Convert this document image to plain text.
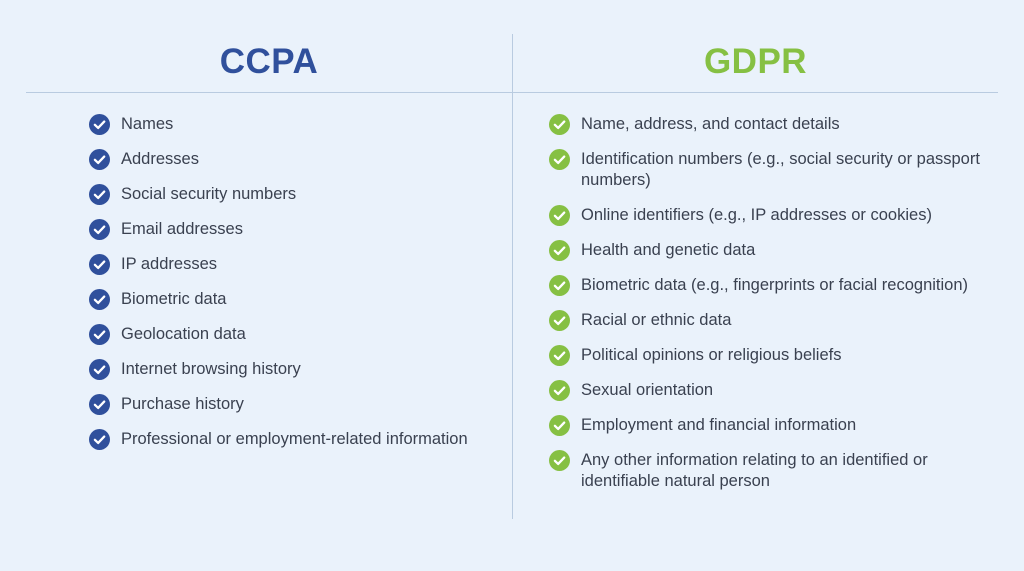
CCPA	GDPR
Names
Addresses
Social security numbers
Email addresses
IP addresses
Biometric data
Geolocation data
Internet browsing history
Purchase history
Professional or employment-related information
Name, address, and contact details
Identification numbers (e.g., social security or passport numbers)
Online identifiers (e.g., IP addresses or cookies)
Health and genetic data
Biometric data (e.g., fingerprints or facial recognition)
Racial or ethnic data
Political opinions or religious beliefs
Sexual orientation
Employment and financial information
Any other information relating to an identified or identifiable natural person
